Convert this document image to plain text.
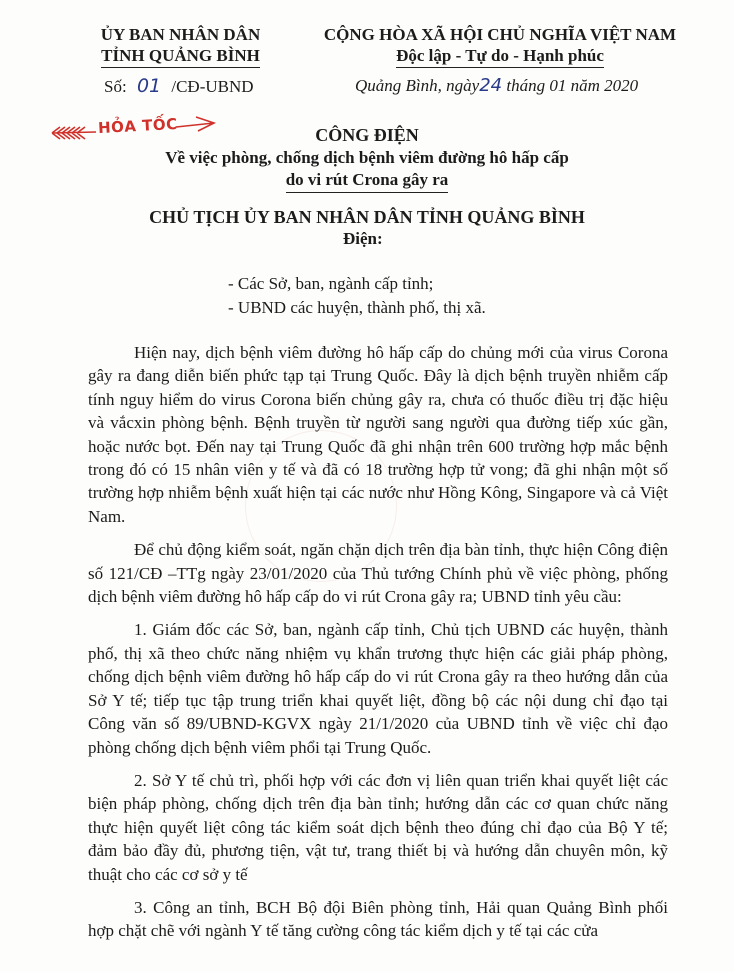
ỦY BAN NHÂN DÂN
TỈNH QUẢNG BÌNH
CỘNG HÒA XÃ HỘI CHỦ NGHĨA VIỆT NAM
Độc lập - Tự do - Hạnh phúc
Số: 01 /CĐ-UBND	Quảng Bình, ngày24 tháng 01 năm 2020
HỎA TỐC	CÔNG ĐIỆN
Về việc phòng, chống dịch bệnh viêm đường hô hấp cấp
do vi rút Crona gây ra
CHỦ TỊCH ỦY BAN NHÂN DÂN TỈNH QUẢNG BÌNH
Điện:
- Các Sở, ban, ngành cấp tỉnh;
- UBND các huyện, thành phố, thị xã.

Hiện nay, dịch bệnh viêm đường hô hấp cấp do chủng mới của virus Corona gây ra đang diễn biến phức tạp tại Trung Quốc. Đây là dịch bệnh truyền nhiễm cấp tính nguy hiểm do virus Corona biến chủng gây ra, chưa có thuốc điều trị đặc hiệu và vắcxin phòng bệnh. Bệnh truyền từ người sang người qua đường tiếp xúc gần, hoặc nước bọt. Đến nay tại Trung Quốc đã ghi nhận trên 600 trường hợp mắc bệnh trong đó có 15 nhân viên y tế và đã có 18 trường hợp tử vong; đã ghi nhận một số trường hợp nhiễm bệnh xuất hiện tại các nước như Hồng Kông, Singapore và cả Việt Nam.

Để chủ động kiểm soát, ngăn chặn dịch trên địa bàn tỉnh, thực hiện Công điện số 121/CĐ –TTg ngày 23/01/2020 của Thủ tướng Chính phủ về việc phòng, phống dịch bệnh viêm đường hô hấp cấp do vi rút Crona gây ra; UBND tỉnh yêu cầu:

1. Giám đốc các Sở, ban, ngành cấp tỉnh, Chủ tịch UBND các huyện, thành phố, thị xã theo chức năng nhiệm vụ khẩn trương thực hiện các giải pháp phòng, chống dịch bệnh viêm đường hô hấp cấp do vi rút Crona gây ra theo hướng dẫn của Sở Y tế; tiếp tục tập trung triển khai quyết liệt, đồng bộ các nội dung chỉ đạo tại Công văn số 89/UBND-KGVX ngày 21/1/2020 của UBND tỉnh về việc chỉ đạo phòng chống dịch bệnh viêm phổi tại Trung Quốc.

2. Sở Y tế chủ trì, phối hợp với các đơn vị liên quan triển khai quyết liệt các biện pháp phòng, chống dịch trên địa bàn tỉnh; hướng dẫn các cơ quan chức năng thực hiện quyết liệt công tác kiểm soát dịch bệnh theo đúng chỉ đạo của Bộ Y tế; đảm bảo đầy đủ, phương tiện, vật tư, trang thiết bị và hướng dẫn chuyên môn, kỹ thuật cho các cơ sở y tế

3. Công an tỉnh, BCH Bộ đội Biên phòng tỉnh, Hải quan Quảng Bình phối hợp chặt chẽ với ngành Y tế tăng cường công tác kiểm dịch y tế tại các cửa
